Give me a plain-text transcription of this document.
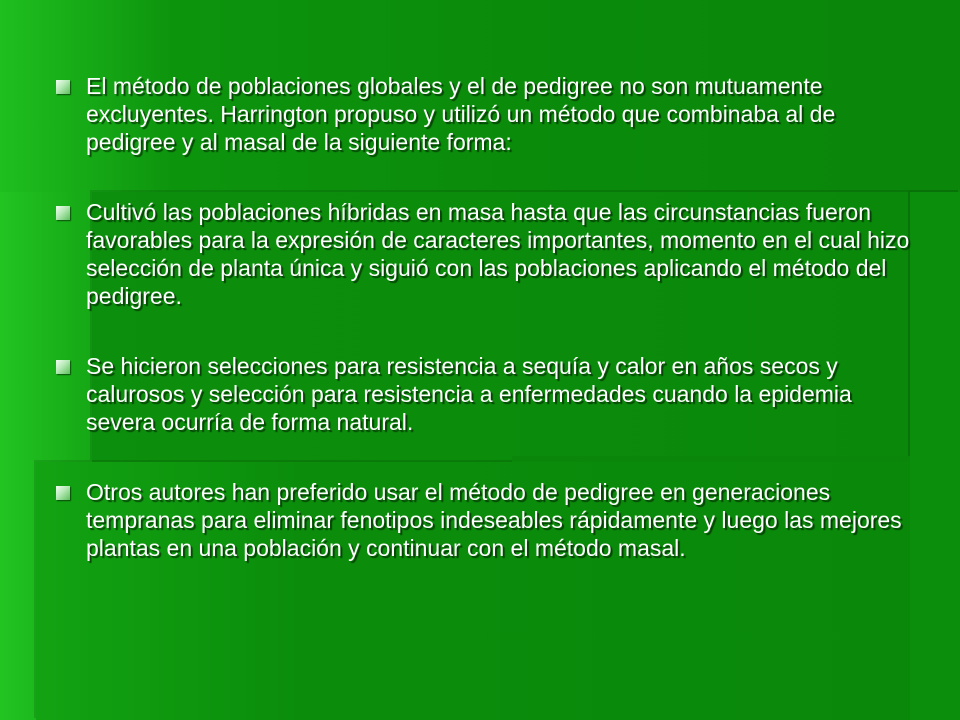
El método de poblaciones globales y el de pedigree no son mutuamente excluyentes. Harrington propuso y utilizó un método que combinaba al de pedigree y al masal de la siguiente forma:
Cultivó las poblaciones híbridas en masa hasta que las circunstancias fueron favorables para la expresión de caracteres importantes, momento en el cual hizo selección de planta única y siguió con las poblaciones aplicando el método del pedigree.
Se hicieron selecciones para resistencia a sequía y calor en años secos y calurosos y selección para resistencia a enfermedades cuando la epidemia severa ocurría de forma natural.
Otros autores han preferido usar el método de pedigree en generaciones tempranas para eliminar fenotipos indeseables rápidamente y luego las mejores plantas en una población y continuar con el método masal.
